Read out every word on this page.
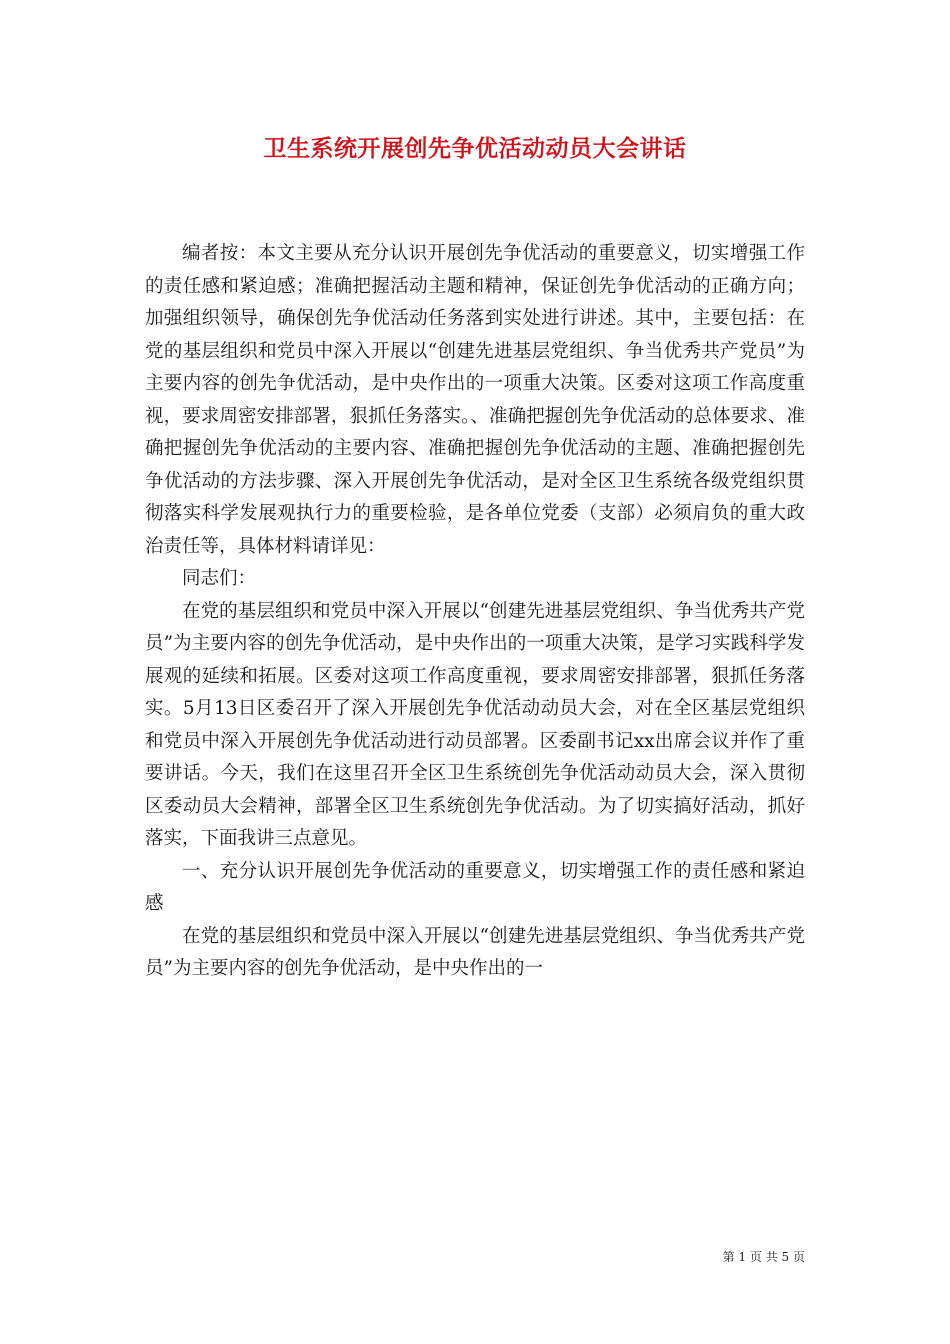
卫生系统开展创先争优活动动员大会讲话

编者按：本文主要从充分认识开展创先争优活动的重要意义，切实增强工作的责任感和紧迫感；准确把握活动主题和精神，保证创先争优活动的正确方向；加强组织领导，确保创先争优活动任务落到实处进行讲述。其中，主要包括：在党的基层组织和党员中深入开展以“创建先进基层党组织、争当优秀共产党员”为主要内容的创先争优活动，是中央作出的一项重大决策。区委对这项工作高度重视，要求周密安排部署，狠抓任务落实。、准确把握创先争优活动的总体要求、准确把握创先争优活动的主要内容、准确把握创先争优活动的主题、准确把握创先争优活动的方法步骤、深入开展创先争优活动，是对全区卫生系统各级党组织贯彻落实科学发展观执行力的重要检验，是各单位党委（支部）必须肩负的重大政治责任等，具体材料请详见：

同志们：

在党的基层组织和党员中深入开展以“创建先进基层党组织、争当优秀共产党员”为主要内容的创先争优活动，是中央作出的一项重大决策，是学习实践科学发展观的延续和拓展。区委对这项工作高度重视，要求周密安排部署，狠抓任务落实。5月13日区委召开了深入开展创先争优活动动员大会，对在全区基层党组织和党员中深入开展创先争优活动进行动员部署。区委副书记xx出席会议并作了重要讲话。今天，我们在这里召开全区卫生系统创先争优活动动员大会，深入贯彻区委动员大会精神，部署全区卫生系统创先争优活动。为了切实搞好活动，抓好落实，下面我讲三点意见。

一、充分认识开展创先争优活动的重要意义，切实增强工作的责任感和紧迫感

在党的基层组织和党员中深入开展以“创建先进基层党组织、争当优秀共产党员”为主要内容的创先争优活动，是中央作出的一

第 1 页 共 5 页
